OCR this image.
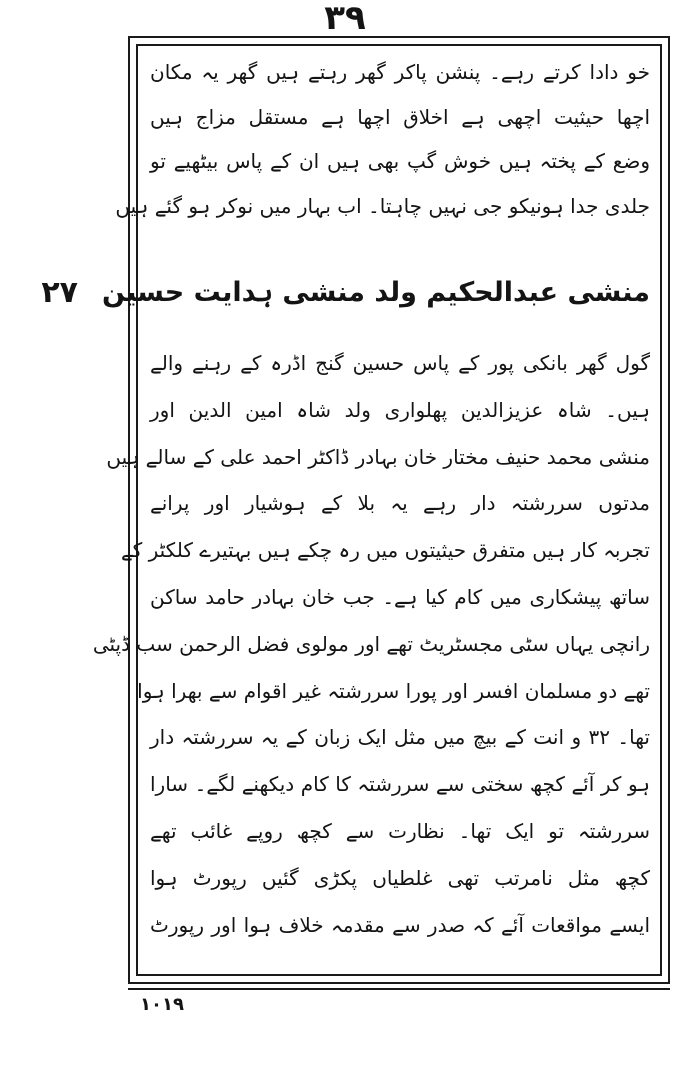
۳۹
خو دادا کرتے رہے۔ پنشن پاکر گھر رہتے ہیں گھر یہ مکان
اچھا حیثیت اچھی ہے اخلاق اچھا ہے مستقل مزاج ہیں
وضع کے پختہ ہیں خوش گپ بھی ہیں ان کے پاس بیٹھیے تو
جلدی جدا ہونیکو جی نہیں چاہتا۔ اب بہار میں نوکر ہو گئے ہیں
منشی عبدالحکیم ولد منشی ہدایت حسین
۲۷
گول گھر بانکی پور کے پاس حسین گنج اڈرہ کے رہنے والے
ہیں۔ شاہ عزیزالدین پھلواری ولد شاہ امین الدین اور
منشی محمد حنیف مختار خان بہادر ڈاکٹر احمد علی کے سالے ہیں
مدتوں سررشتہ دار رہے یہ بلا کے ہوشیار اور پرانے
تجربہ کار ہیں متفرق حیثیتوں میں رہ چکے ہیں بہتیرے کلکٹر کے
ساتھ پیشکاری میں کام کیا ہے۔ جب خان بہادر حامد ساکن
رانچی یہاں سٹی مجسٹریٹ تھے اور مولوی فضل الرحمن سب ڈپٹی
تھے دو مسلمان افسر اور پورا سررشتہ غیر اقوام سے بھرا ہوا
تھا۔ ۳۲ و انت کے بیچ میں مثل ایک زبان کے یہ سررشتہ دار
ہو کر آئے کچھ سختی سے سررشتہ کا کام دیکھنے لگے۔ سارا
سررشتہ تو ایک تھا۔ نظارت سے کچھ روپے غائب تھے
کچھ مثل نامرتب تھی غلطیاں پکڑی گئیں رپورٹ ہوا
ایسے مواقعات آئے کہ صدر سے مقدمہ خلاف ہوا اور رپورٹ
۱۰۱۹
